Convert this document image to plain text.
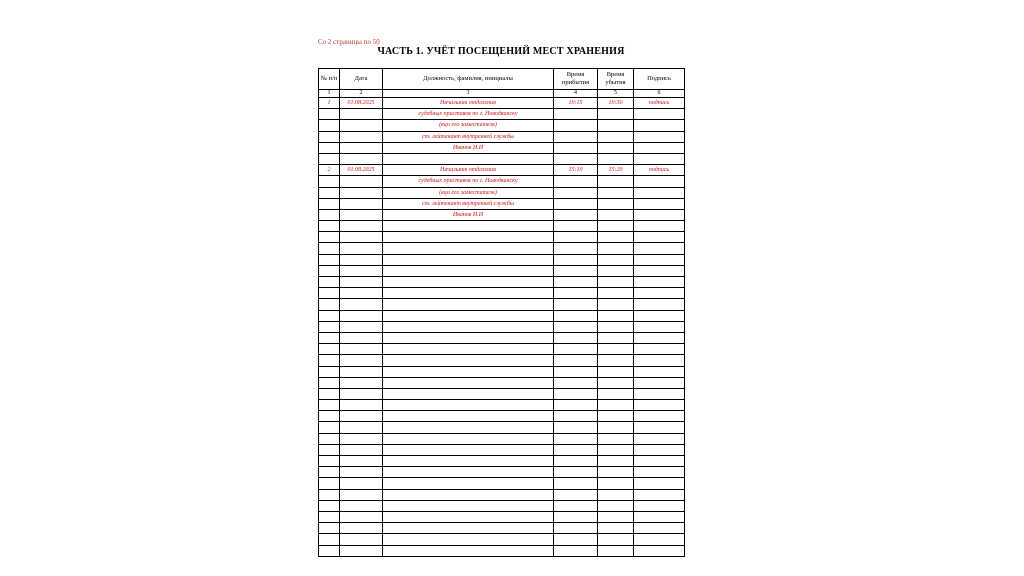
Со 2 страницы по 50
ЧАСТЬ 1. УЧЁТ ПОСЕЩЕНИЙ МЕСТ ХРАНЕНИЯ
№ п/п	Дата	Должность, фамилия, инициалы	Время прибытия	Время убытия	Подпись
1	2	3	4	5	6
1	01.08.2025	Начальник отделения	10:15	10:30	подпись
		судебных приставов по г. Новодвинску			
		(вцо его заместителя)			
		ст. лейтенант внутренней службы			
		Иванов И.И			

2	01.08.2025	Начальник отделения	15:10	15:20	подпись
		судебных приставов по г. Новодвинску			
		(вцо его заместителя)			
		ст. лейтенант внутренней службы			
		Иванов И.И			
